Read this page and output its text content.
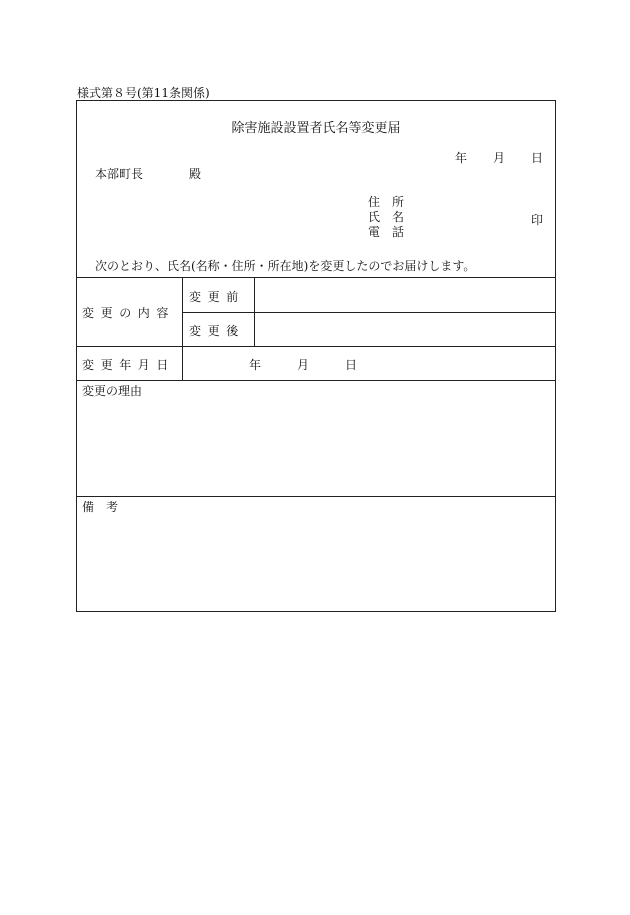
様式第８号(第11条関係)
除害施設設置者氏名等変更届
年 月 日
本部町長	殿
住　所
氏　名
電　話
印
次のとおり、氏名(名称・住所・所在地)を変更したのでお届けします。
変更の内容
変更前
変更後
変更年月日	年	月	日
変更の理由
備　考
